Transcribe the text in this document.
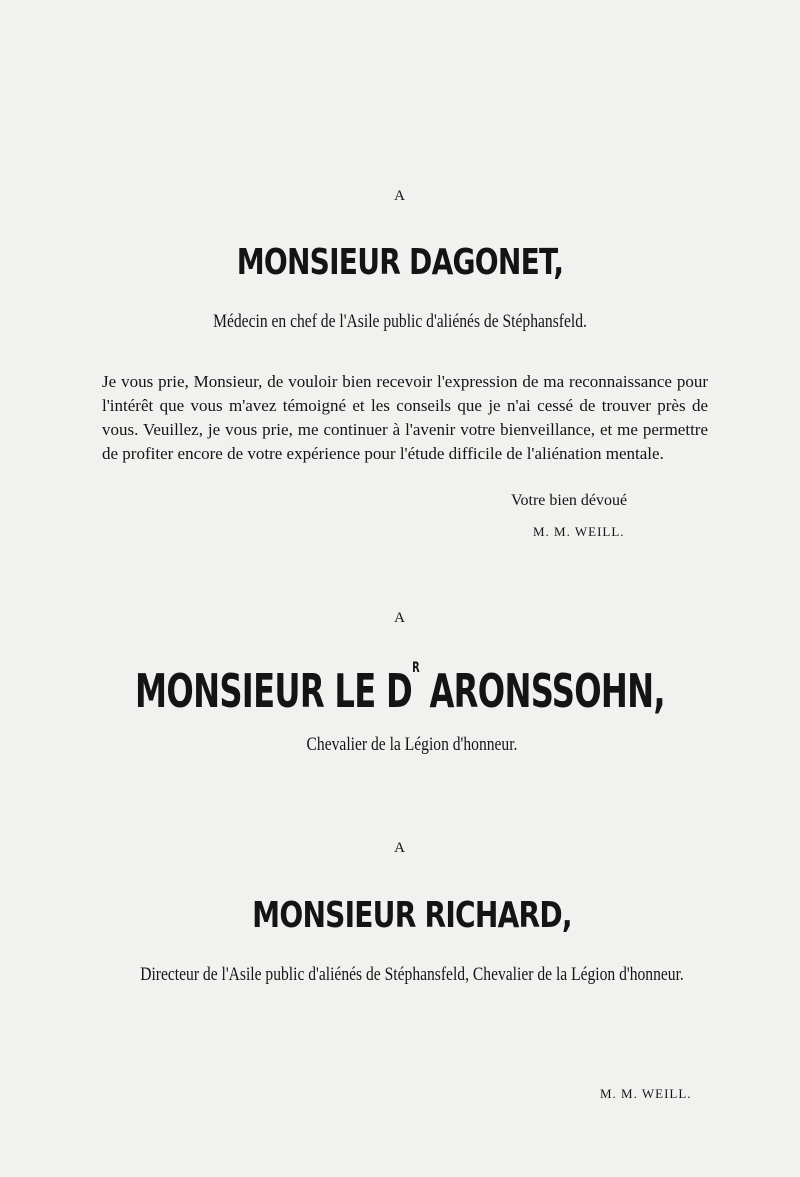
A
MONSIEUR DAGONET,
Médecin en chef de l'Asile public d'aliénés de Stéphansfeld.
Je vous prie, Monsieur, de vouloir bien recevoir l'expression de ma reconnaissance pour l'intérêt que vous m'avez témoigné et les conseils que je n'ai cessé de trouver près de vous. Veuillez, je vous prie, me continuer à l'avenir votre bienveillance, et me permettre de profiter encore de votre expérience pour l'étude difficile de l'aliénation mentale.
Votre bien dévoué
M. M. WEILL.
A
MONSIEUR LE $D^R$ ARONSSOHN,
Chevalier de la Légion d'honneur.
A
MONSIEUR RICHARD,
Directeur de l'Asile public d'aliénés de Stéphansfeld, Chevalier de la Légion d'honneur.
M. M. WEILL.
